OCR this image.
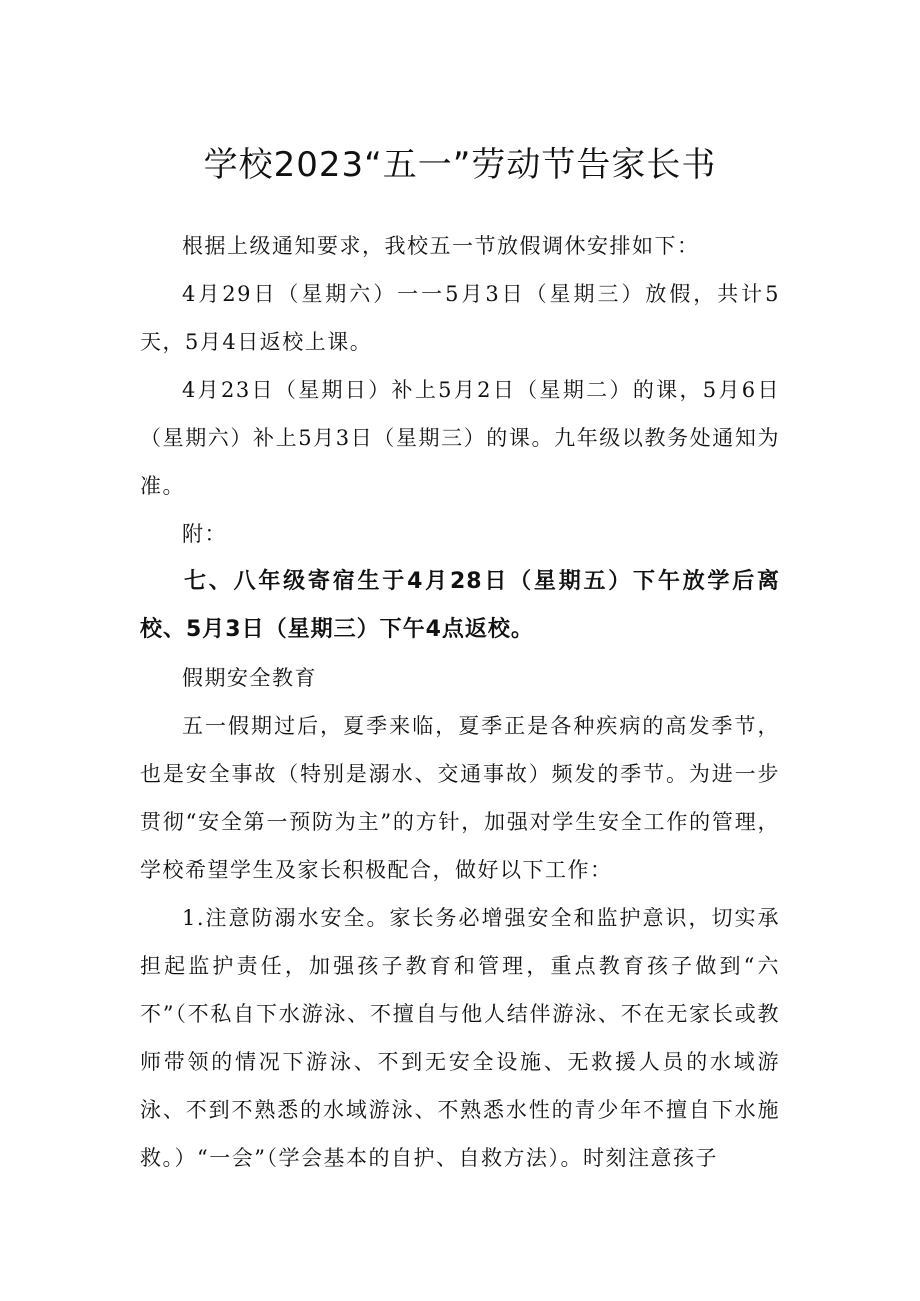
学校2023“五一”劳动节告家长书

根据上级通知要求，我校五一节放假调休安排如下：

4月29日（星期六）一一5月3日（星期三）放假，共计5天，5月4日返校上课。

4月23日（星期日）补上5月2日（星期二）的课，5月6日（星期六）补上5月3日（星期三）的课。九年级以教务处通知为准。

附：

七、八年级寄宿生于4月28日（星期五）下午放学后离校、5月3日（星期三）下午4点返校。

假期安全教育

五一假期过后，夏季来临，夏季正是各种疾病的高发季节，也是安全事故（特别是溺水、交通事故）频发的季节。为进一步贯彻“安全第一预防为主”的方针，加强对学生安全工作的管理，学校希望学生及家长积极配合，做好以下工作：

1.注意防溺水安全。家长务必增强安全和监护意识，切实承担起监护责任，加强孩子教育和管理，重点教育孩子做到“六不”（不私自下水游泳、不擅自与他人结伴游泳、不在无家长或教师带领的情况下游泳、不到无安全设施、无救援人员的水域游泳、不到不熟悉的水域游泳、不熟悉水性的青少年不擅自下水施救。）“一会”（学会基本的自护、自救方法）。时刻注意孩子
